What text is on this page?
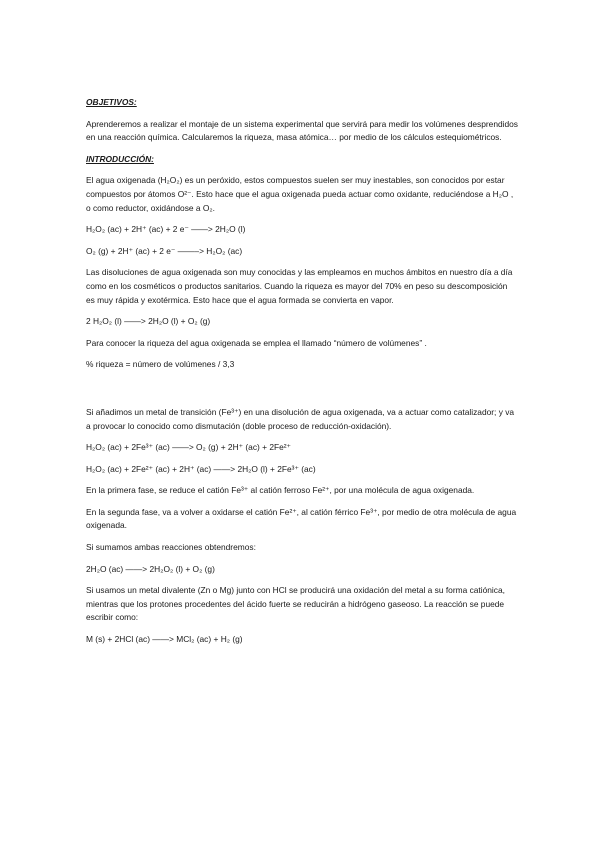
OBJETIVOS:

Aprenderemos a realizar el montaje de un sistema experimental que servirá para medir los volúmenes desprendidos en una reacción química. Calcularemos la riqueza, masa atómica… por medio de los cálculos estequiométricos.

INTRODUCCIÓN:

El agua oxigenada (H₂O₂) es un peróxido, estos compuestos suelen ser muy inestables, son conocidos por estar compuestos por átomos O²⁻. Esto hace que el agua oxigenada pueda actuar como oxidante, reduciéndose a H₂O , o como reductor, oxidándose a O₂.

H₂O₂ (ac) + 2H⁺ (ac) + 2 e⁻ ——> 2H₂O (l)
O₂ (g) + 2H⁺ (ac) + 2 e⁻ ——–> H₂O₂ (ac)

Las disoluciones de agua oxigenada son muy conocidas y las empleamos en muchos ámbitos en nuestro día a día como en los cosméticos o productos sanitarios. Cuando la riqueza es mayor del 70% en peso su descomposición es muy rápida y exotérmica. Esto hace que el agua formada se convierta en vapor.

2 H₂O₂ (l) ——> 2H₂O (l) + O₂ (g)

Para conocer la riqueza del agua oxigenada se emplea el llamado “número de volúmenes” .

% riqueza = número de volúmenes / 3,3

Si añadimos un metal de transición (Fe³⁺) en una disolución de agua oxigenada, va a actuar como catalizador; y va a provocar lo conocido como dismutación (doble proceso de reducción-oxidación).

H₂O₂ (ac) + 2Fe³⁺ (ac) ——> O₂ (g) + 2H⁺ (ac) + 2Fe²⁺
H₂O₂ (ac) + 2Fe²⁺ (ac) + 2H⁺ (ac) ——> 2H₂O (l) + 2Fe³⁺ (ac)

En la primera fase, se reduce el catión Fe³⁺ al catión ferroso Fe²⁺, por una molécula de agua oxigenada.

En la segunda fase, va a volver a oxidarse el catión Fe²⁺, al catión férrico Fe³⁺, por medio de otra molécula de agua oxigenada.

Si sumamos ambas reacciones obtendremos:

2H₂O (ac) ——> 2H₂O₂ (l) + O₂ (g)

Si usamos un metal divalente (Zn o Mg) junto con HCl se producirá una oxidación del metal a su forma catiónica, mientras que los protones procedentes del ácido fuerte se reducirán a hidrógeno gaseoso. La reacción se puede escribir como:

M (s) + 2HCl (ac) ——> MCl₂ (ac) + H₂ (g)
